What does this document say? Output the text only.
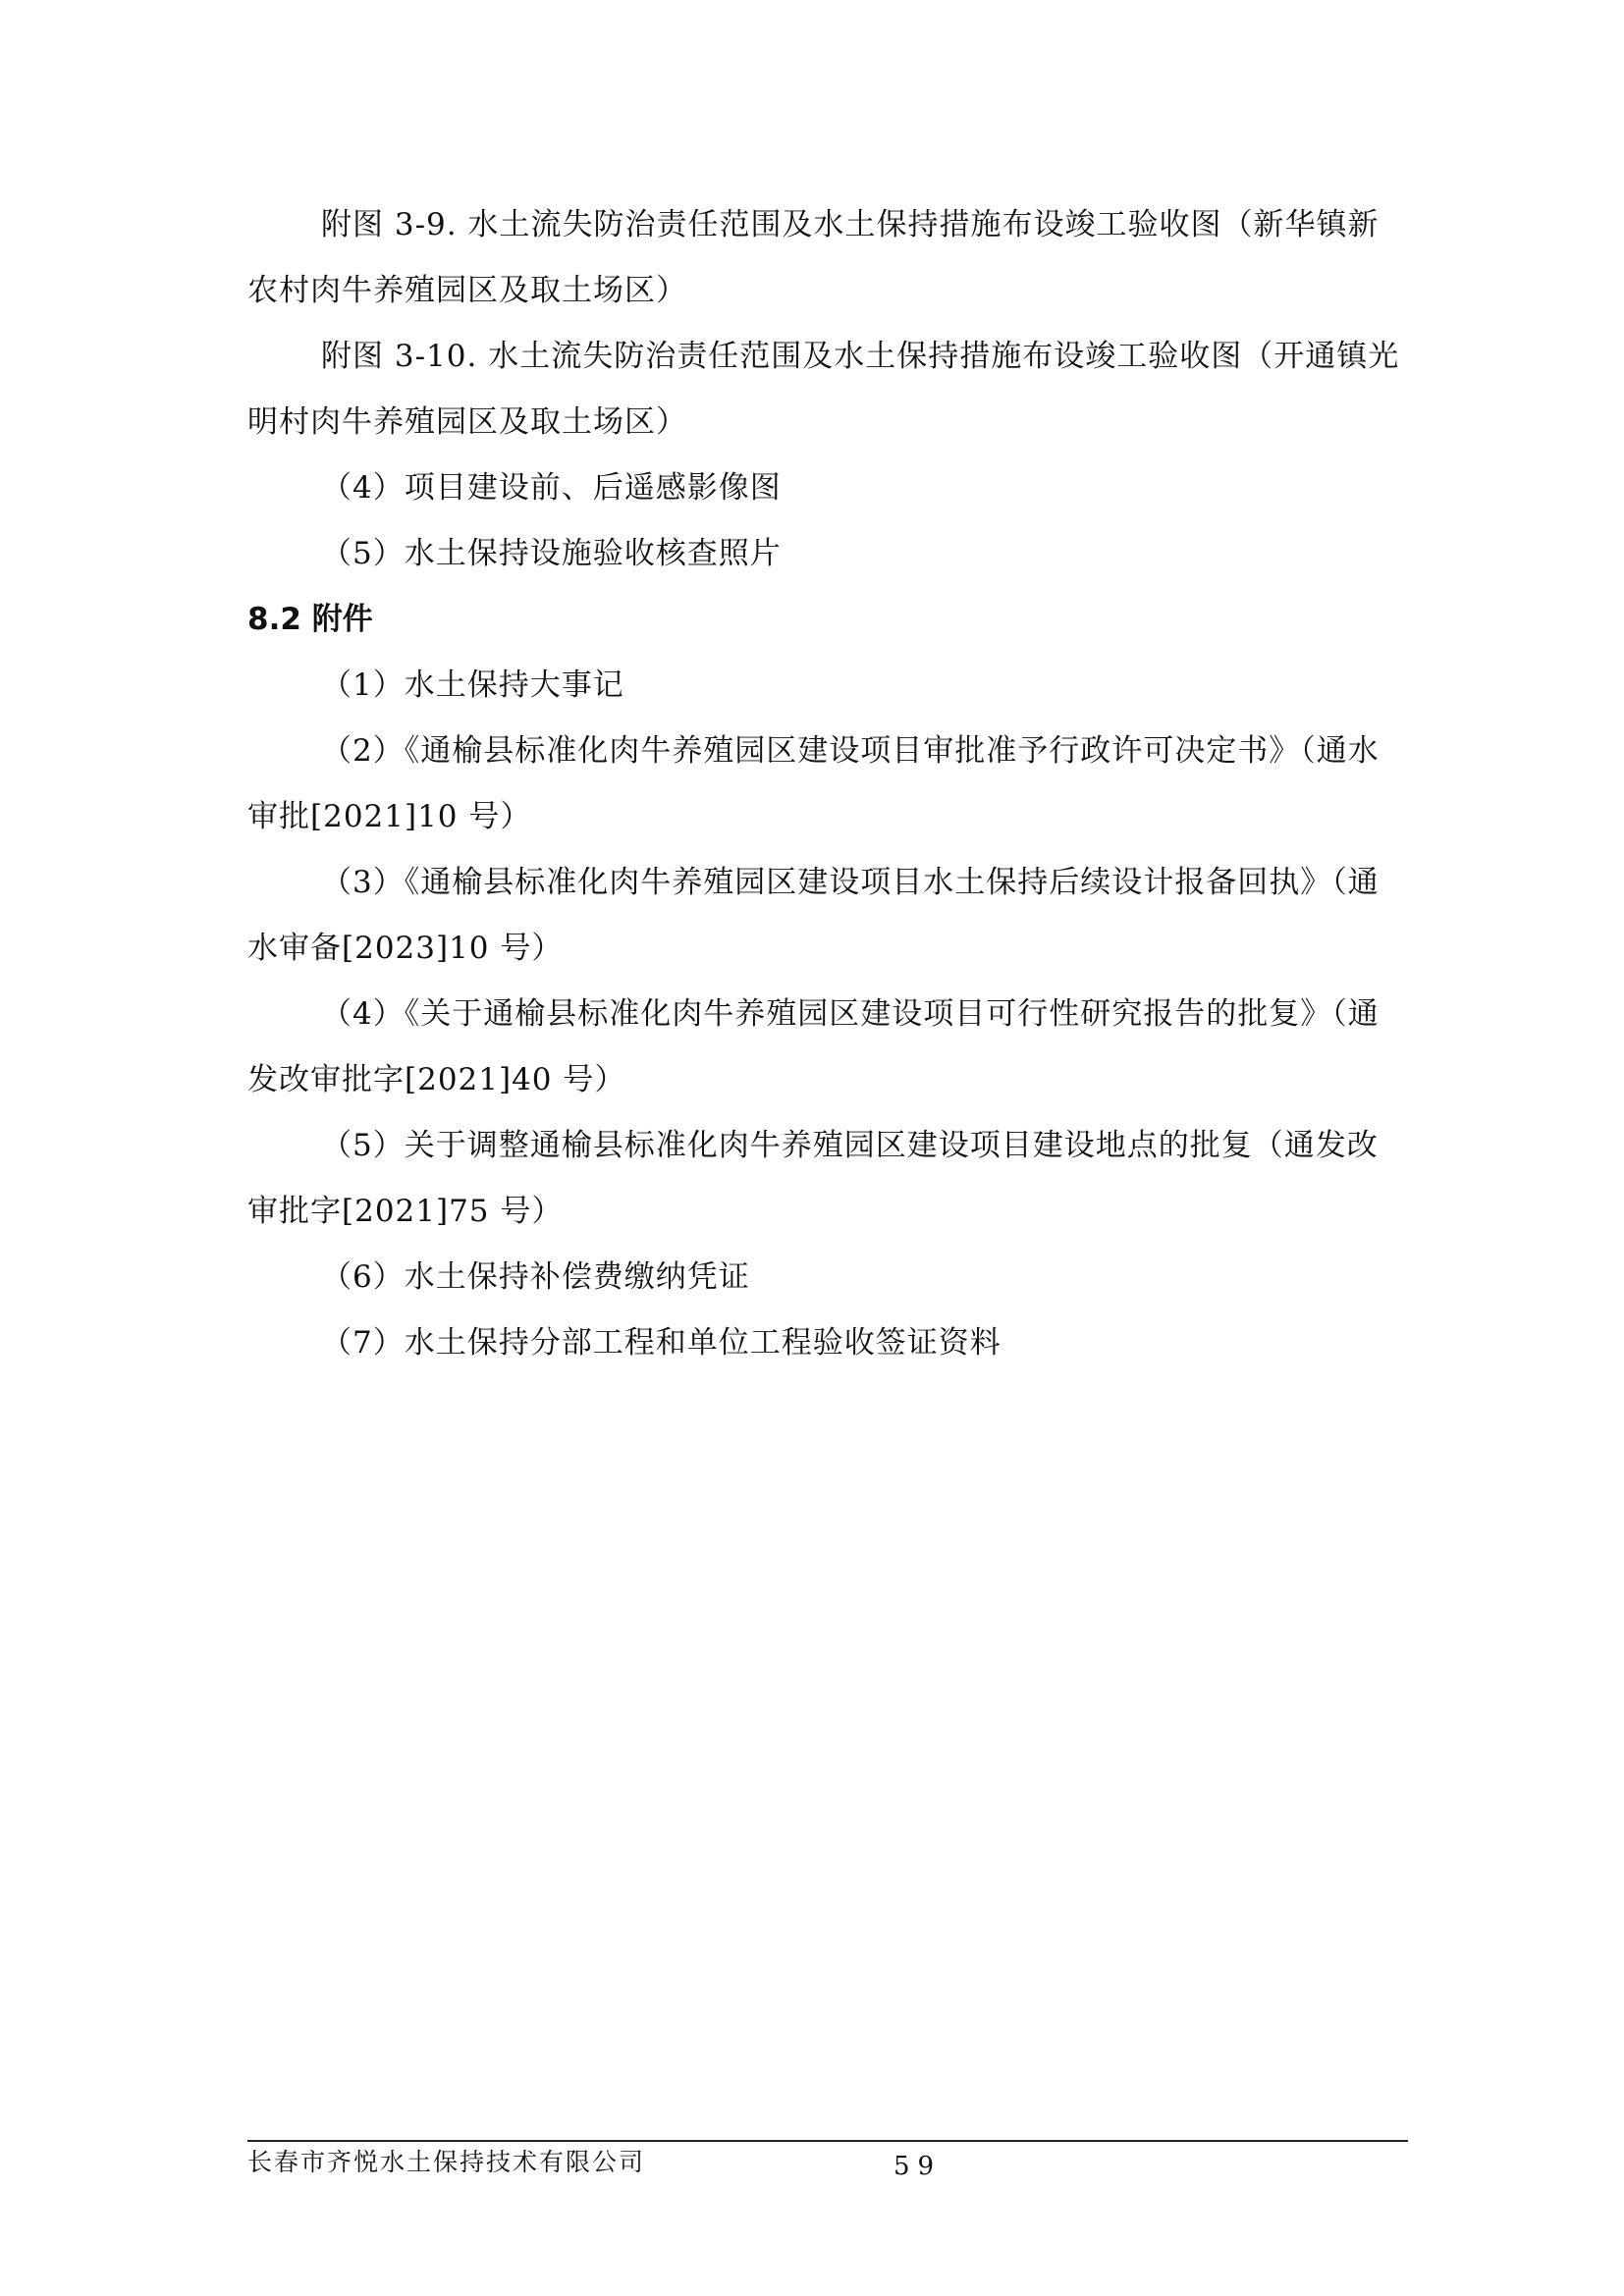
附图 3-9. 水土流失防治责任范围及水土保持措施布设竣工验收图（新华镇新农村肉牛养殖园区及取土场区）

附图 3-10. 水土流失防治责任范围及水土保持措施布设竣工验收图（开通镇光明村肉牛养殖园区及取土场区）

（4）项目建设前、后遥感影像图

（5）水土保持设施验收核查照片

8.2 附件

（1）水土保持大事记

（2）《通榆县标准化肉牛养殖园区建设项目审批准予行政许可决定书》（通水审批[2021]10 号）

（3）《通榆县标准化肉牛养殖园区建设项目水土保持后续设计报备回执》（通水审备[2023]10 号）

（4）《关于通榆县标准化肉牛养殖园区建设项目可行性研究报告的批复》（通发改审批字[2021]40 号）

（5）关于调整通榆县标准化肉牛养殖园区建设项目建设地点的批复（通发改审批字[2021]75 号）

（6）水土保持补偿费缴纳凭证

（7）水土保持分部工程和单位工程验收签证资料

长春市齐悦水土保持技术有限公司	59
